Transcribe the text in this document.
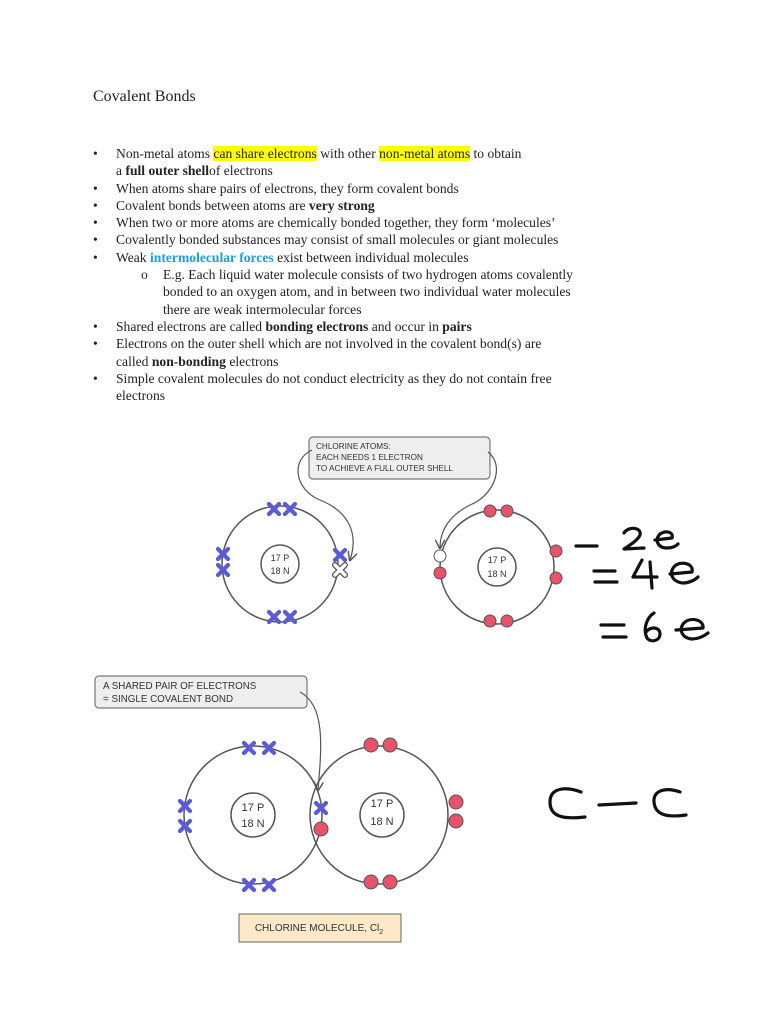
Covalent Bonds
• Non-metal atoms can share electrons with other non-metal atoms to obtain
a full outer shellof electrons
• When atoms share pairs of electrons, they form covalent bonds
• Covalent bonds between atoms are very strong
• When two or more atoms are chemically bonded together, they form ‘molecules’
• Covalently bonded substances may consist of small molecules or giant molecules
• Weak intermolecular forces exist between individual molecules
o E.g. Each liquid water molecule consists of two hydrogen atoms covalently
bonded to an oxygen atom, and in between two individual water molecules
there are weak intermolecular forces
• Shared electrons are called bonding electrons and occur in pairs
• Electrons on the outer shell which are not involved in the covalent bond(s) are
called non-bonding electrons
• Simple covalent molecules do not conduct electricity as they do not contain free
electrons
CHLORINE ATOMS:
EACH NEEDS 1 ELECTRON
TO ACHIEVE A FULL OUTER SHELL
17 P
18 N
17 P
18 N
A SHARED PAIR OF ELECTRONS
= SINGLE COVALENT BOND
17 P
18 N
17 P
18 N
CHLORINE MOLECULE, $Cl_2$
